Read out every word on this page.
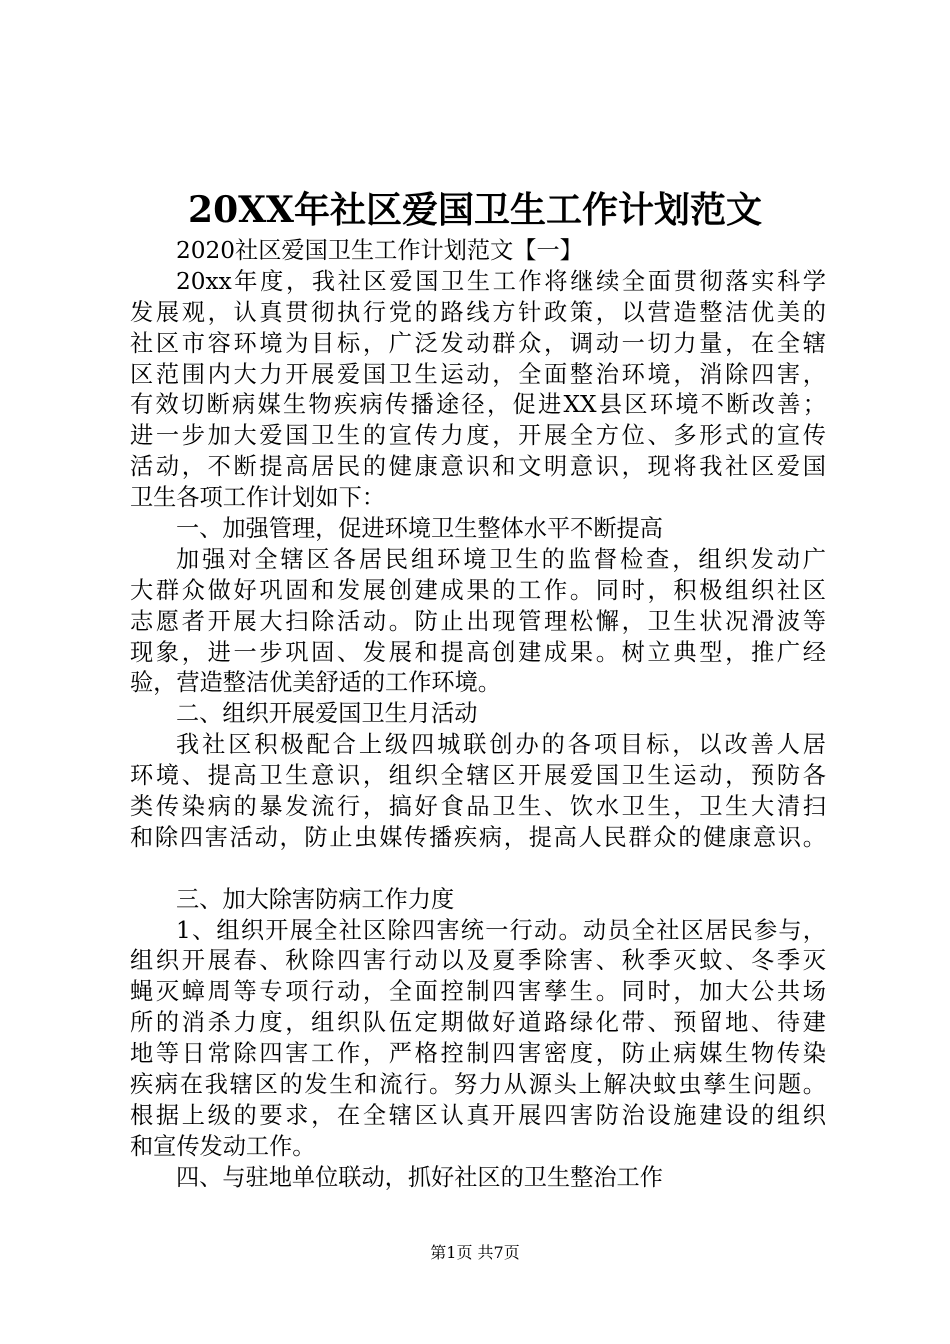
20XX年社区爱国卫生工作计划范文
2020社区爱国卫生工作计划范文【一】
20xx年度，我社区爱国卫生工作将继续全面贯彻落实科学
发展观，认真贯彻执行党的路线方针政策，以营造整洁优美的
社区市容环境为目标，广泛发动群众，调动一切力量，在全辖
区范围内大力开展爱国卫生运动，全面整治环境，消除四害，
有效切断病媒生物疾病传播途径，促进XX县区环境不断改善；
进一步加大爱国卫生的宣传力度，开展全方位、多形式的宣传
活动，不断提高居民的健康意识和文明意识，现将我社区爱国
卫生各项工作计划如下：
一、加强管理，促进环境卫生整体水平不断提高
加强对全辖区各居民组环境卫生的监督检查，组织发动广
大群众做好巩固和发展创建成果的工作。同时，积极组织社区
志愿者开展大扫除活动。防止出现管理松懈，卫生状况滑波等
现象，进一步巩固、发展和提高创建成果。树立典型，推广经
验，营造整洁优美舒适的工作环境。
二、组织开展爱国卫生月活动
我社区积极配合上级四城联创办的各项目标，以改善人居
环境、提高卫生意识，组织全辖区开展爱国卫生运动，预防各
类传染病的暴发流行，搞好食品卫生、饮水卫生，卫生大清扫
和除四害活动，防止虫媒传播疾病，提高人民群众的健康意识。
三、加大除害防病工作力度
1、组织开展全社区除四害统一行动。动员全社区居民参与，
组织开展春、秋除四害行动以及夏季除害、秋季灭蚊、冬季灭
蝇灭蟑周等专项行动，全面控制四害孳生。同时，加大公共场
所的消杀力度，组织队伍定期做好道路绿化带、预留地、待建
地等日常除四害工作，严格控制四害密度，防止病媒生物传染
疾病在我辖区的发生和流行。努力从源头上解决蚊虫孳生问题。
根据上级的要求，在全辖区认真开展四害防治设施建设的组织
和宣传发动工作。
四、与驻地单位联动，抓好社区的卫生整治工作
第1页 共7页
